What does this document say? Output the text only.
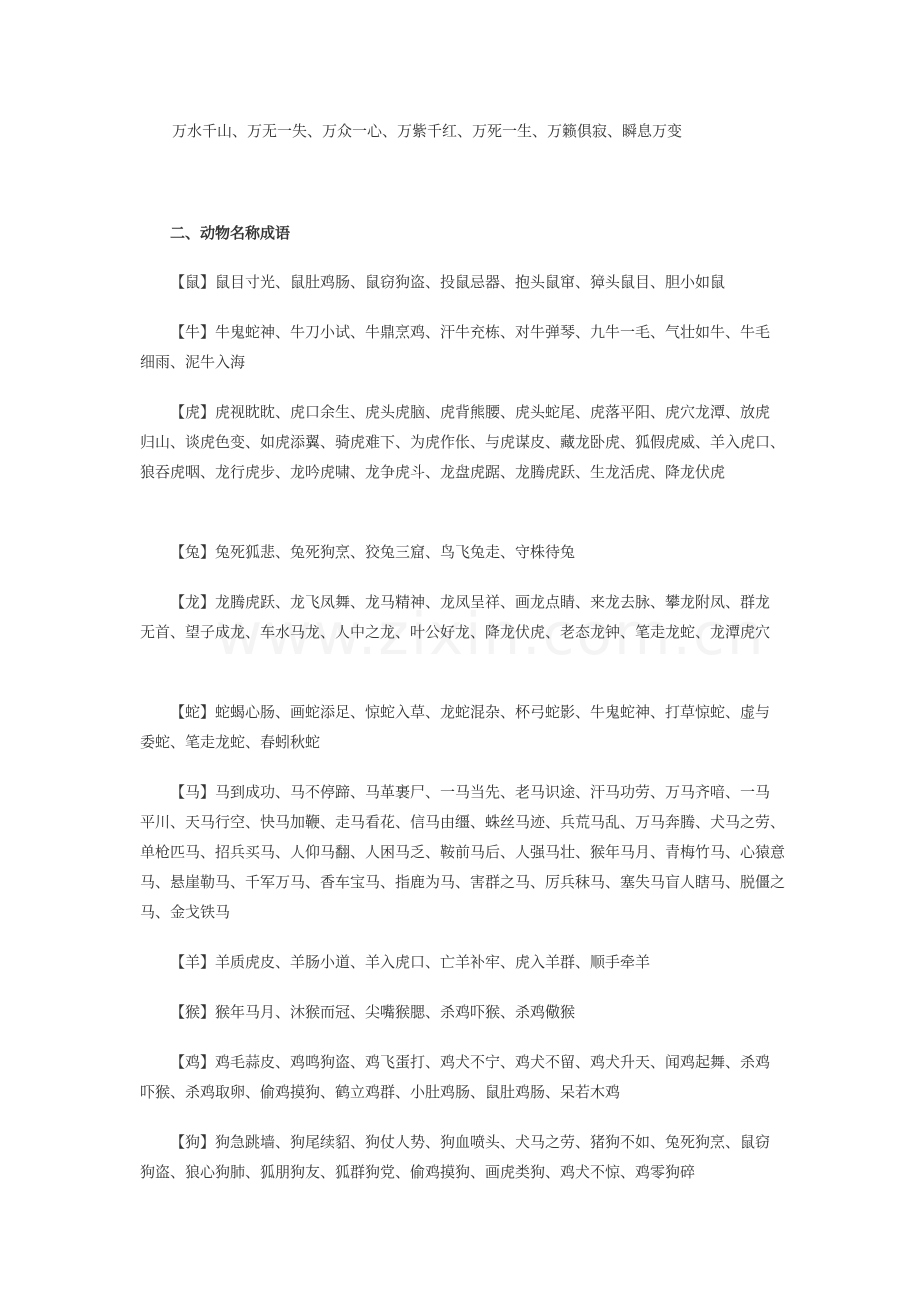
万水千山、万无一失、万众一心、万紫千红、万死一生、万籁俱寂、瞬息万变

二、动物名称成语

【鼠】鼠目寸光、鼠肚鸡肠、鼠窃狗盗、投鼠忌器、抱头鼠窜、獐头鼠目、胆小如鼠

【牛】牛鬼蛇神、牛刀小试、牛鼎烹鸡、汗牛充栋、对牛弹琴、九牛一毛、气壮如牛、牛毛细雨、泥牛入海

【虎】虎视眈眈、虎口余生、虎头虎脑、虎背熊腰、虎头蛇尾、虎落平阳、虎穴龙潭、放虎归山、谈虎色变、如虎添翼、骑虎难下、为虎作伥、与虎谋皮、藏龙卧虎、狐假虎威、羊入虎口、狼吞虎咽、龙行虎步、龙吟虎啸、龙争虎斗、龙盘虎踞、龙腾虎跃、生龙活虎、降龙伏虎

【兔】兔死狐悲、兔死狗烹、狡兔三窟、鸟飞兔走、守株待兔

【龙】龙腾虎跃、龙飞凤舞、龙马精神、龙凤呈祥、画龙点睛、来龙去脉、攀龙附凤、群龙无首、望子成龙、车水马龙、人中之龙、叶公好龙、降龙伏虎、老态龙钟、笔走龙蛇、龙潭虎穴

【蛇】蛇蝎心肠、画蛇添足、惊蛇入草、龙蛇混杂、杯弓蛇影、牛鬼蛇神、打草惊蛇、虚与委蛇、笔走龙蛇、春蚓秋蛇

【马】马到成功、马不停蹄、马革裹尸、一马当先、老马识途、汗马功劳、万马齐喑、一马平川、天马行空、快马加鞭、走马看花、信马由缰、蛛丝马迹、兵荒马乱、万马奔腾、犬马之劳、单枪匹马、招兵买马、人仰马翻、人困马乏、鞍前马后、人强马壮、猴年马月、青梅竹马、心猿意马、悬崖勒马、千军万马、香车宝马、指鹿为马、害群之马、厉兵秣马、塞失马盲人瞎马、脱僵之马、金戈铁马

【羊】羊质虎皮、羊肠小道、羊入虎口、亡羊补牢、虎入羊群、顺手牵羊

【猴】猴年马月、沐猴而冠、尖嘴猴腮、杀鸡吓猴、杀鸡儆猴

【鸡】鸡毛蒜皮、鸡鸣狗盗、鸡飞蛋打、鸡犬不宁、鸡犬不留、鸡犬升天、闻鸡起舞、杀鸡吓猴、杀鸡取卵、偷鸡摸狗、鹤立鸡群、小肚鸡肠、鼠肚鸡肠、呆若木鸡

【狗】狗急跳墙、狗尾续貂、狗仗人势、狗血喷头、犬马之劳、猪狗不如、兔死狗烹、鼠窃狗盗、狼心狗肺、狐朋狗友、狐群狗党、偷鸡摸狗、画虎类狗、鸡犬不惊、鸡零狗碎
